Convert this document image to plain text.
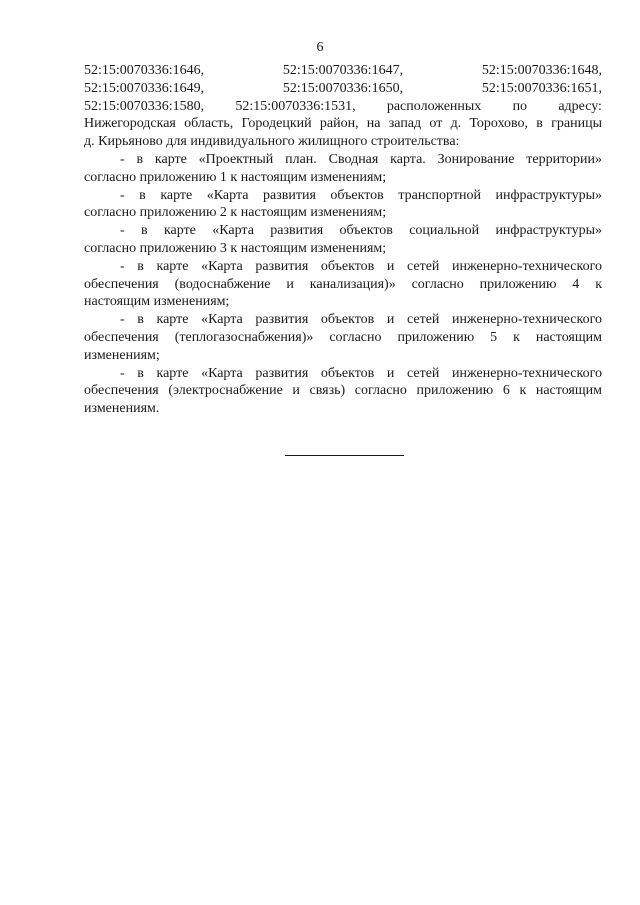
6
52:15:0070336:1646,	52:15:0070336:1647,	52:15:0070336:1648,
52:15:0070336:1649,	52:15:0070336:1650,	52:15:0070336:1651,
52:15:0070336:1580, 52:15:0070336:1531, расположенных по адресу:
Нижегородская область, Городецкий район, на запад от д. Торохово, в границы
д. Кирьяново для индивидуального жилищного строительства:
- в карте «Проектный план. Сводная карта. Зонирование территории»
согласно приложению 1 к настоящим изменениям;
- в карте «Карта развития объектов транспортной инфраструктуры»
согласно приложению 2 к настоящим изменениям;
- в карте «Карта развития объектов социальной инфраструктуры»
согласно приложению 3 к настоящим изменениям;
- в карте «Карта развития объектов и сетей инженерно-технического
обеспечения (водоснабжение и канализация)» согласно приложению 4 к
настоящим изменениям;
- в карте «Карта развития объектов и сетей инженерно-технического
обеспечения (теплогазоснабжения)» согласно приложению 5 к настоящим
изменениям;
- в карте «Карта развития объектов и сетей инженерно-технического
обеспечения (электроснабжение и связь) согласно приложению 6 к настоящим
изменениям.
